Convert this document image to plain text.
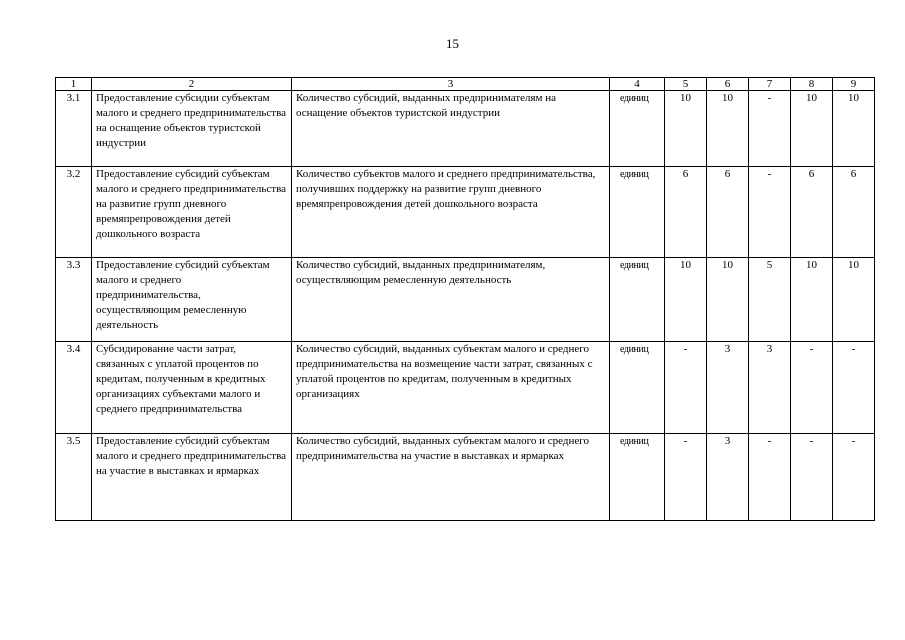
15
1	2	3	4	5	6	7	8	9
3.1	Предоставление субсидии субъектам малого и среднего предпринимательства на оснащение объектов туристской индустрии	Количество субсидий, выданных предпринимателям на оснащение объектов туристской индустрии	единиц	10	10	-	10	10
3.2	Предоставление субсидий субъектам малого и среднего предпринимательства на развитие групп дневного времяпрепровождения детей дошкольного возраста	Количество субъектов малого и среднего предпринимательства, получивших поддержку на развитие групп дневного времяпрепровождения детей дошкольного возраста	единиц	6	6	-	6	6
3.3	Предоставление субсидий субъектам малого и среднего предпринимательства, осуществляющим ремесленную деятельность	Количество субсидий, выданных предпринимателям, осуществляющим ремесленную деятельность	единиц	10	10	5	10	10
3.4	Субсидирование части затрат, связанных с уплатой процентов по кредитам, полученным в кредитных организациях субъектами малого и среднего предпринимательства	Количество субсидий, выданных субъектам малого и среднего предпринимательства на возмещение части затрат, связанных с уплатой процентов по кредитам, полученным в кредитных организациях	единиц	-	3	3	-	-
3.5	Предоставление субсидий субъектам малого и среднего предпринимательства на участие в выставках и ярмарках	Количество субсидий, выданных субъектам малого и среднего предпринимательства на участие в выставках и ярмарках	единиц	-	3	-	-	-
